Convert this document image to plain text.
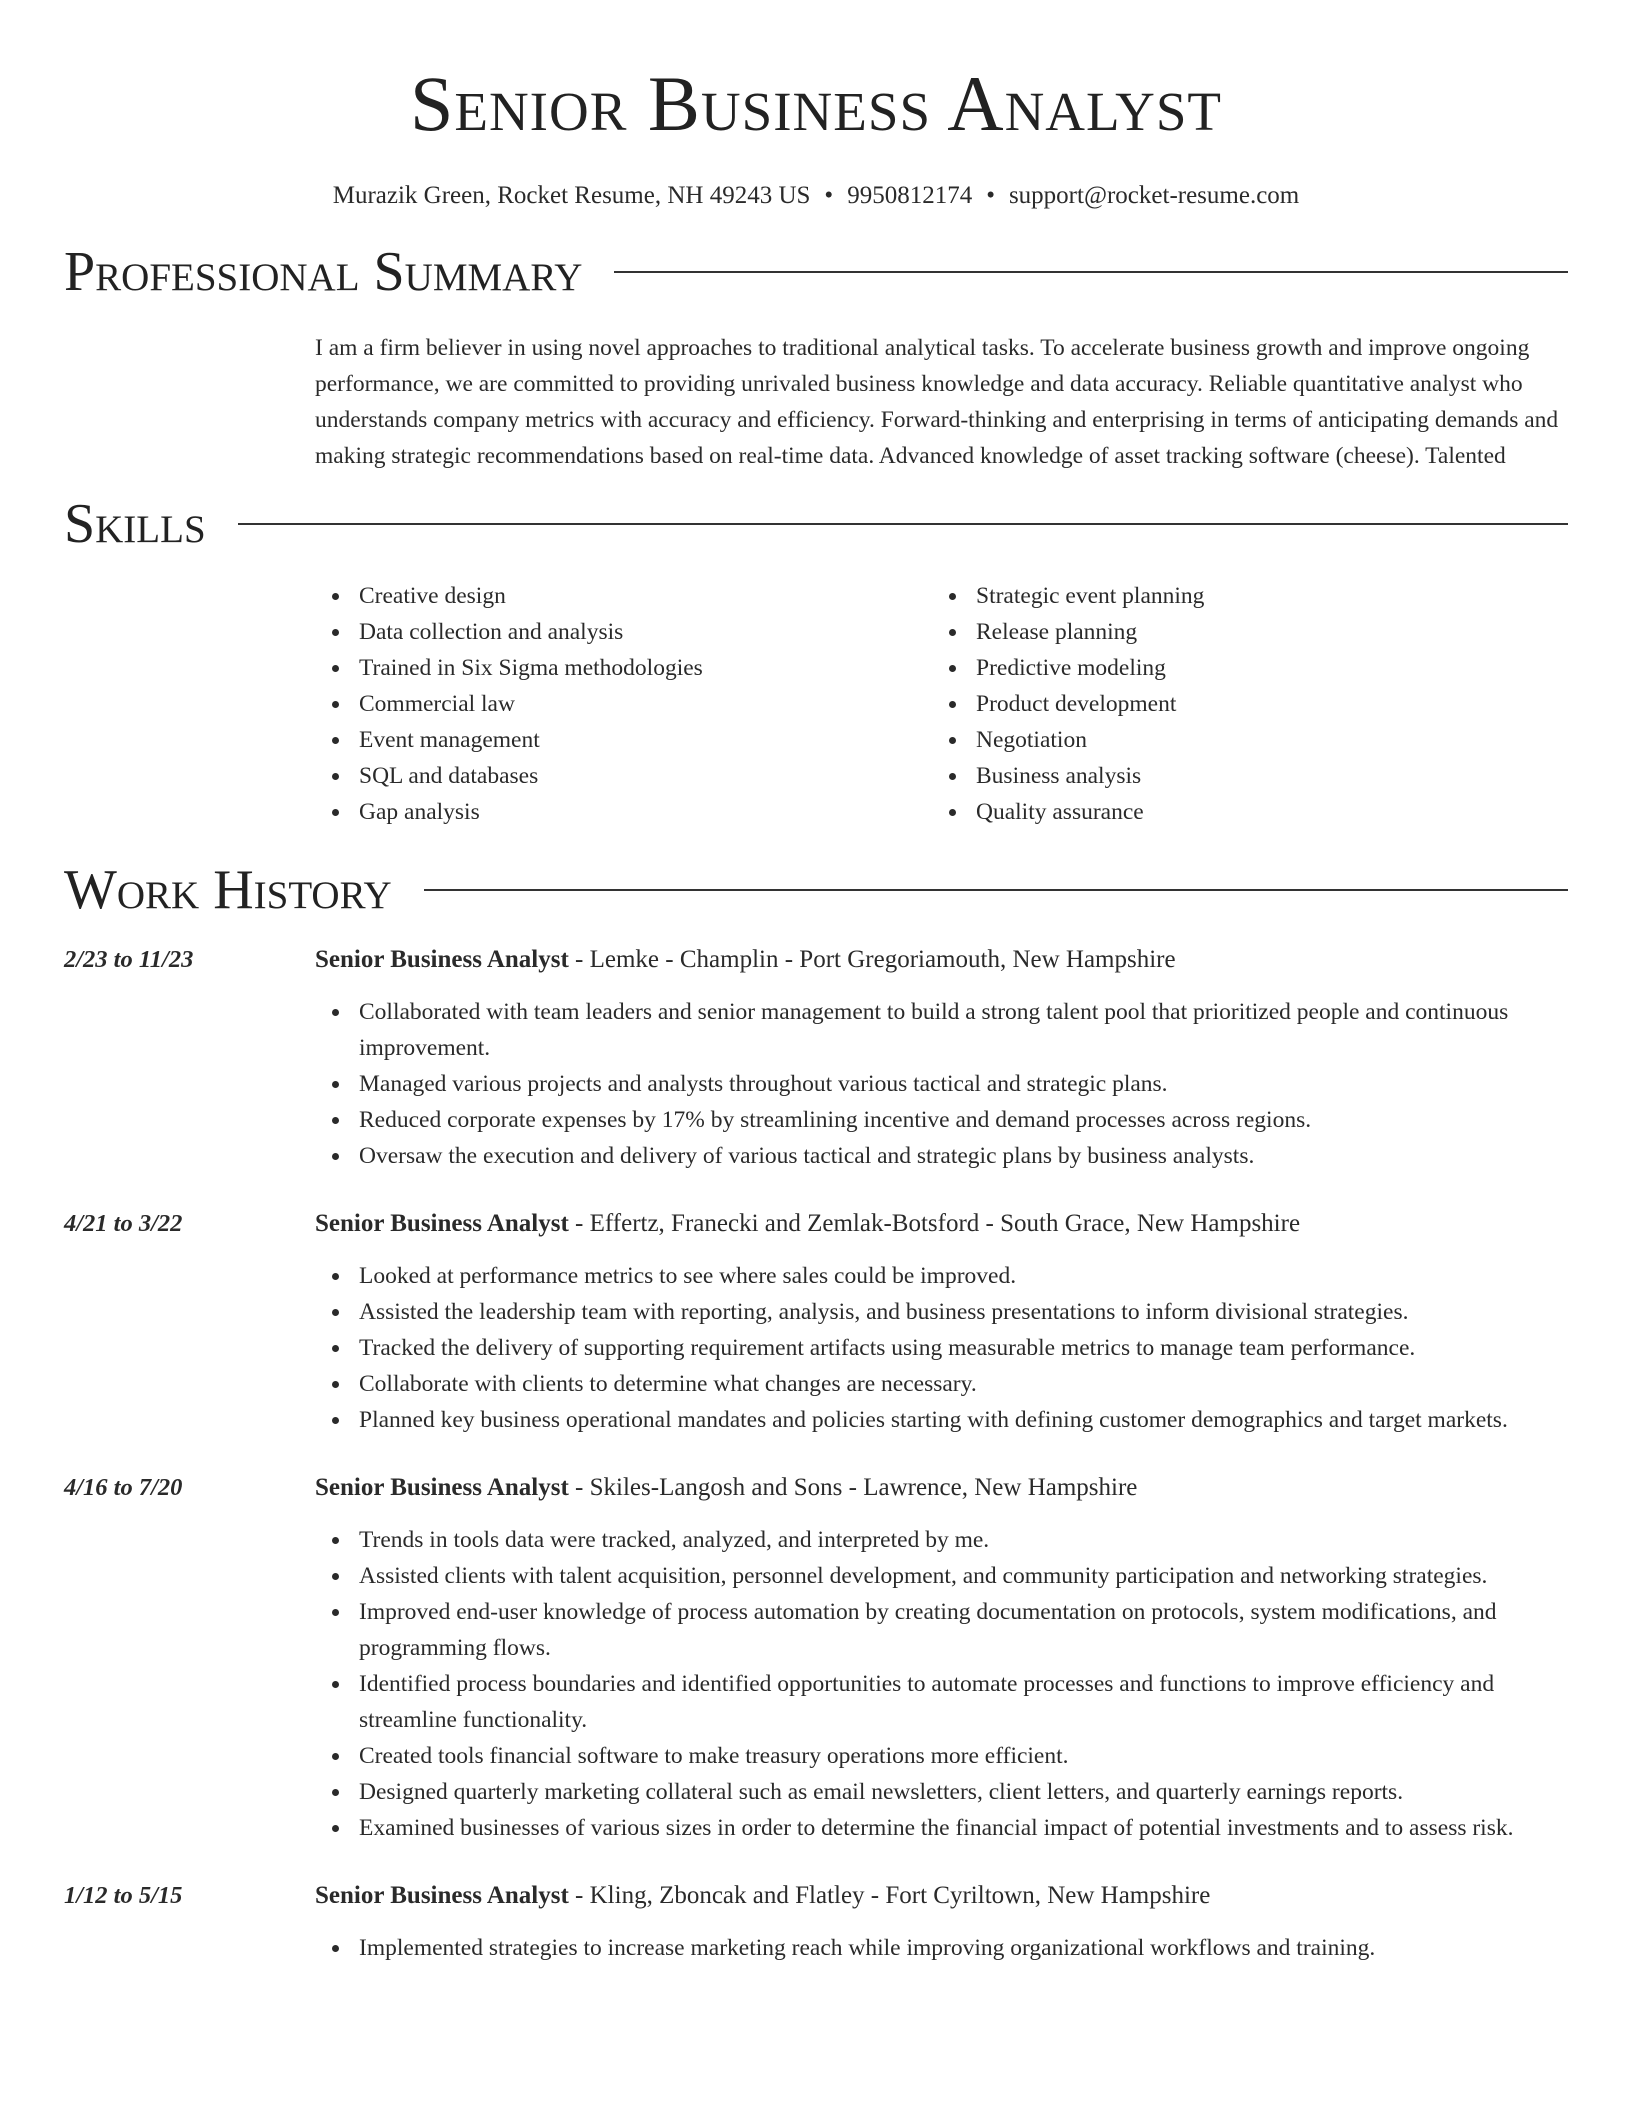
Senior Business Analyst
Murazik Green, Rocket Resume, NH 49243 US • 9950812174 • support@rocket-resume.com
Professional Summary

I am a firm believer in using novel approaches to traditional analytical tasks. To accelerate business growth and improve ongoing performance, we are committed to providing unrivaled business knowledge and data accuracy. Reliable quantitative analyst who understands company metrics with accuracy and efficiency. Forward-thinking and enterprising in terms of anticipating demands and making strategic recommendations based on real-time data. Advanced knowledge of asset tracking software (cheese). Talented

Skills
Creative design
Data collection and analysis
Trained in Six Sigma methodologies
Commercial law
Event management
SQL and databases
Gap analysis
Strategic event planning
Release planning
Predictive modeling
Product development
Negotiation
Business analysis
Quality assurance
Work History
2/23 to 11/23	Senior Business Analyst - Lemke - Champlin - Port Gregoriamouth, New Hampshire
Collaborated with team leaders and senior management to build a strong talent pool that prioritized people and continuous improvement.
Managed various projects and analysts throughout various tactical and strategic plans.
Reduced corporate expenses by 17% by streamlining incentive and demand processes across regions.
Oversaw the execution and delivery of various tactical and strategic plans by business analysts.
4/21 to 3/22	Senior Business Analyst - Effertz, Franecki and Zemlak-Botsford - South Grace, New Hampshire
Looked at performance metrics to see where sales could be improved.
Assisted the leadership team with reporting, analysis, and business presentations to inform divisional strategies.
Tracked the delivery of supporting requirement artifacts using measurable metrics to manage team performance.
Collaborate with clients to determine what changes are necessary.
Planned key business operational mandates and policies starting with defining customer demographics and target markets.
4/16 to 7/20	Senior Business Analyst - Skiles-Langosh and Sons - Lawrence, New Hampshire
Trends in tools data were tracked, analyzed, and interpreted by me.
Assisted clients with talent acquisition, personnel development, and community participation and networking strategies.
Improved end-user knowledge of process automation by creating documentation on protocols, system modifications, and programming flows.
Identified process boundaries and identified opportunities to automate processes and functions to improve efficiency and streamline functionality.
Created tools financial software to make treasury operations more efficient.
Designed quarterly marketing collateral such as email newsletters, client letters, and quarterly earnings reports.
Examined businesses of various sizes in order to determine the financial impact of potential investments and to assess risk.
1/12 to 5/15	Senior Business Analyst - Kling, Zboncak and Flatley - Fort Cyriltown, New Hampshire
Implemented strategies to increase marketing reach while improving organizational workflows and training.
